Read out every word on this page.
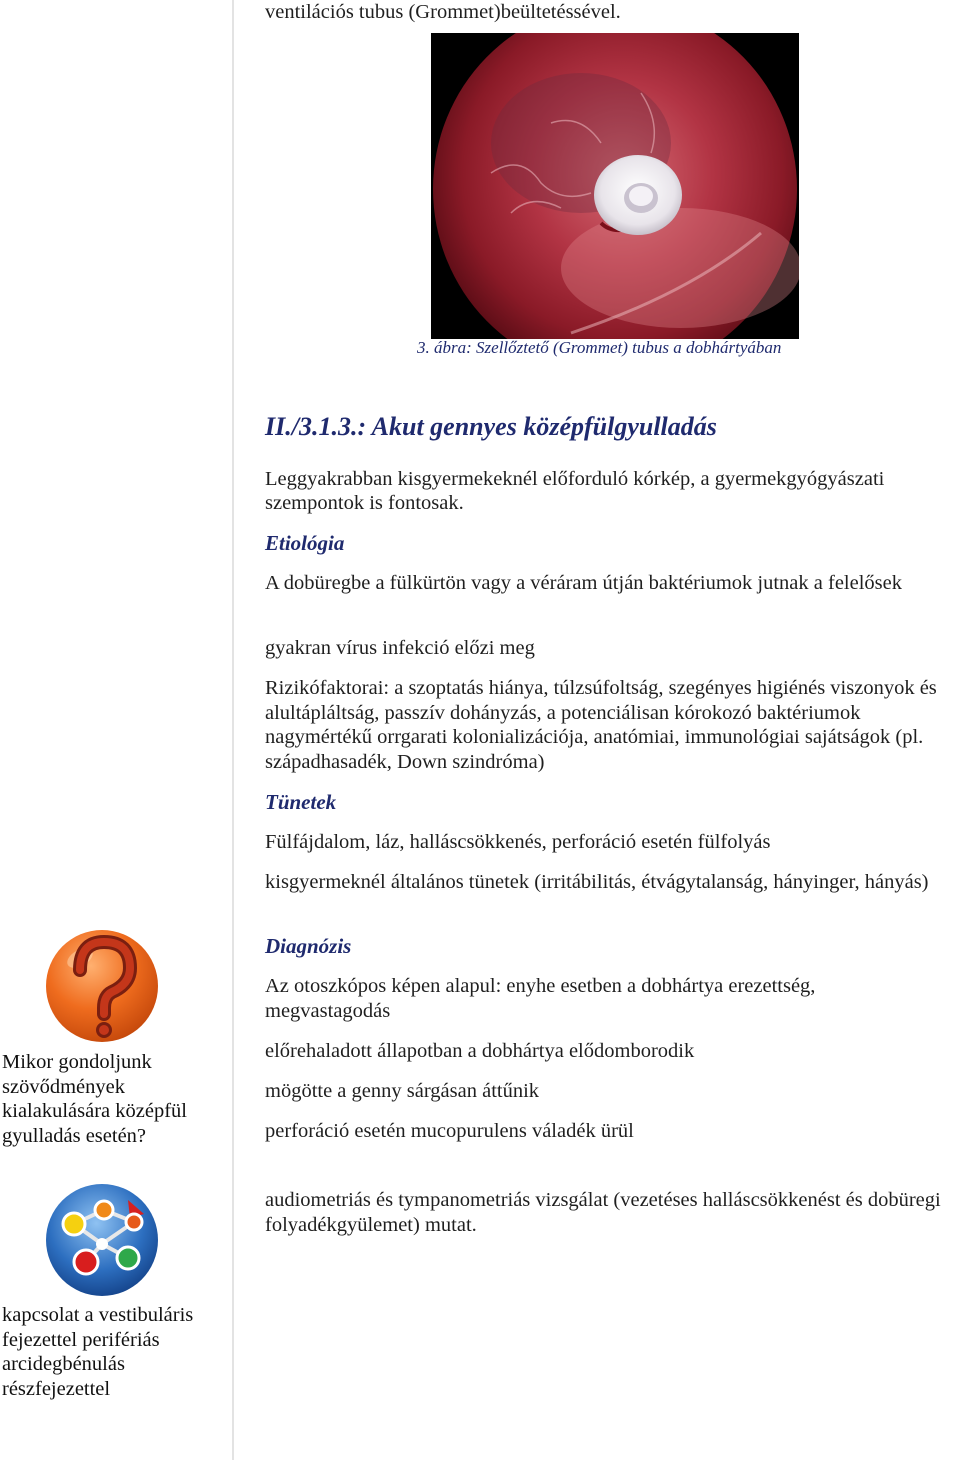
Mikor gondoljunk szövődmények kialakulására középfül gyulladás esetén?
kapcsolat a vestibuláris fejezettel perifériás arcidegbénulás részfejezettel

ventilációs tubus (Grommet)beültetéssével.

3. ábra: Szellőztető (Grommet) tubus a dobhártyában
II./3.1.3.: Akut gennyes középfülgyulladás

Leggyakrabban kisgyermekeknél előforduló kórkép, a gyermekgyógyászati

szempontok is fontosak.

Etiológia

A dobüregbe a fülkürtön vagy a véráram útján baktériumok jutnak a felelősek

gyakran vírus infekció előzi meg

Rizikófaktorai: a szoptatás hiánya, túlzsúfoltság, szegényes higiénés viszonyok és alultápláltság, passzív dohányzás, a potenciálisan kórokozó baktériumok nagymértékű orrgarati kolonializációja, anatómiai, immunológiai sajátságok (pl. szápadhasadék, Down szindróma)

Tünetek

Fülfájdalom, láz, halláscsökkenés, perforáció esetén fülfolyás

kisgyermeknél általános tünetek (irritábilitás, étvágytalanság, hányinger, hányás)

Diagnózis

Az otoszkópos képen alapul: enyhe esetben a dobhártya erezettség, megvastagodás

előrehaladott állapotban a dobhártya elődomborodik

mögötte a genny sárgásan áttűnik

perforáció esetén mucopurulens váladék ürül

audiometriás és tympanometriás vizsgálat (vezetéses halláscsökkenést és dobüregi folyadékgyülemet) mutat.
